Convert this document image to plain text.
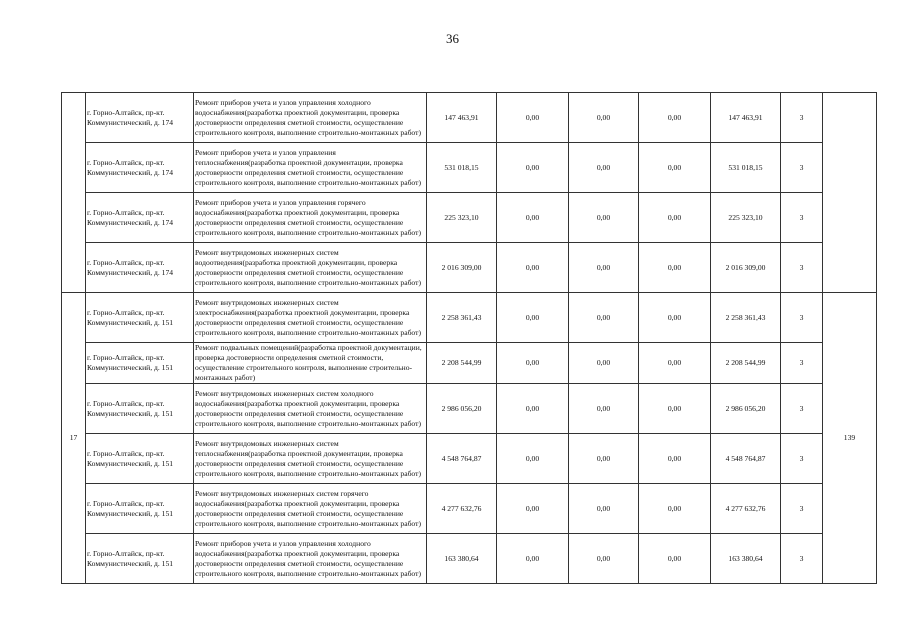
36
	г. Горно-Алтайск, пр-кт. Коммунистический, д. 174	Ремонт приборов учета и узлов управления холодного водоснабжения(разработка проектной документации, проверка достоверности определения сметной стоимости, осуществление строительного контроля, выполнение строительно-монтажных работ)	147 463,91	0,00	0,00	0,00	147 463,91	3	
	г. Горно-Алтайск, пр-кт. Коммунистический, д. 174	Ремонт приборов учета и узлов управления теплоснабжения(разработка проектной документации, проверка достоверности определения сметной стоимости, осуществление строительного контроля, выполнение строительно-монтажных работ)	531 018,15	0,00	0,00	0,00	531 018,15	3	
	г. Горно-Алтайск, пр-кт. Коммунистический, д. 174	Ремонт приборов учета и узлов управления горячего водоснабжения(разработка проектной документации, проверка достоверности определения сметной стоимости, осуществление строительного контроля, выполнение строительно-монтажных работ)	225 323,10	0,00	0,00	0,00	225 323,10	3	
	г. Горно-Алтайск, пр-кт. Коммунистический, д. 174	Ремонт внутридомовых инженерных систем водоотведения(разработка проектной документации, проверка достоверности определения сметной стоимости, осуществление строительного контроля, выполнение строительно-монтажных работ)	2 016 309,00	0,00	0,00	0,00	2 016 309,00	3	
17	г. Горно-Алтайск, пр-кт. Коммунистический, д. 151	Ремонт внутридомовых инженерных систем электроснабжения(разработка проектной документации, проверка достоверности определения сметной стоимости, осуществление строительного контроля, выполнение строительно-монтажных работ)	2 258 361,43	0,00	0,00	0,00	2 258 361,43	3	139
	г. Горно-Алтайск, пр-кт. Коммунистический, д. 151	Ремонт подвальных помещений(разработка проектной документации, проверка достоверности определения сметной стоимости, осуществление строительного контроля, выполнение строительно-монтажных работ)	2 208 544,99	0,00	0,00	0,00	2 208 544,99	3	
	г. Горно-Алтайск, пр-кт. Коммунистический, д. 151	Ремонт внутридомовых инженерных систем холодного водоснабжения(разработка проектной документации, проверка достоверности определения сметной стоимости, осуществление строительного контроля, выполнение строительно-монтажных работ)	2 986 056,20	0,00	0,00	0,00	2 986 056,20	3	
	г. Горно-Алтайск, пр-кт. Коммунистический, д. 151	Ремонт внутридомовых инженерных систем теплоснабжения(разработка проектной документации, проверка достоверности определения сметной стоимости, осуществление строительного контроля, выполнение строительно-монтажных работ)	4 548 764,87	0,00	0,00	0,00	4 548 764,87	3	
	г. Горно-Алтайск, пр-кт. Коммунистический, д. 151	Ремонт внутридомовых инженерных систем горячего водоснабжения(разработка проектной документации, проверка достоверности определения сметной стоимости, осуществление строительного контроля, выполнение строительно-монтажных работ)	4 277 632,76	0,00	0,00	0,00	4 277 632,76	3	
	г. Горно-Алтайск, пр-кт. Коммунистический, д. 151	Ремонт приборов учета и узлов управления холодного водоснабжения(разработка проектной документации, проверка достоверности определения сметной стоимости, осуществление строительного контроля, выполнение строительно-монтажных работ)	163 380,64	0,00	0,00	0,00	163 380,64	3	
